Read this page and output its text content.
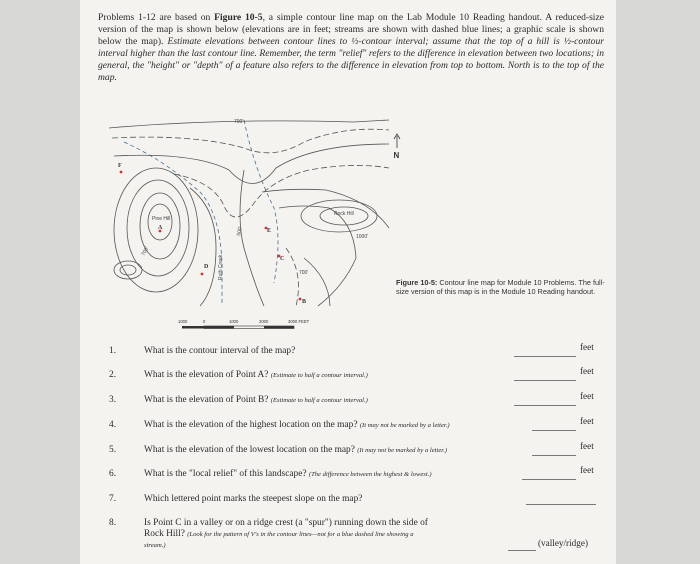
Problems 1-12 are based on Figure 10-5, a simple contour line map on the Lab Module 10 Reading handout. A reduced-size version of the map is shown below (elevations are in feet; streams are shown with dashed blue lines; a graphic scale is shown below the map). Estimate elevations between contour lines to ½-contour interval; assume that the top of a hill is ½-contour interval higher than the last contour line. Remember, the term "relief" refers to the difference in elevation between two locations; in general, the "height" or "depth" of a feature also refers to the difference in elevation from top to bottom. North is to the top of the map.
700'
Rock Hill
1000'
Pine Hill
700'
700'
500'
Ruth Creek
F
A
D
C
E
B
N
1000	0	1000	2000	3000 FEET
Figure 10-5: Contour line map for Module 10 Problems. The full-size version of this map is in the Module 10 Reading handout.
1.	What is the contour interval of the map?	feet
2.	What is the elevation of Point A? (Estimate to half a contour interval.)	feet
3.	What is the elevation of Point B? (Estimate to half a contour interval.)	feet
4.	What is the elevation of the highest location on the map? (It may not be marked by a letter.)	feet
5.	What is the elevation of the lowest location on the map? (It may not be marked by a letter.)	feet
6.	What is the "local relief" of this landscape? (The difference between the highest & lowest.)	feet
7.	Which lettered point marks the steepest slope on the map?
8.	Is Point C in a valley or on a ridge crest (a "spur") running down the side of Rock Hill? (Look for the pattern of V's in the contour lines—not for a blue dashed line showing a stream.)	(valley/ridge)
